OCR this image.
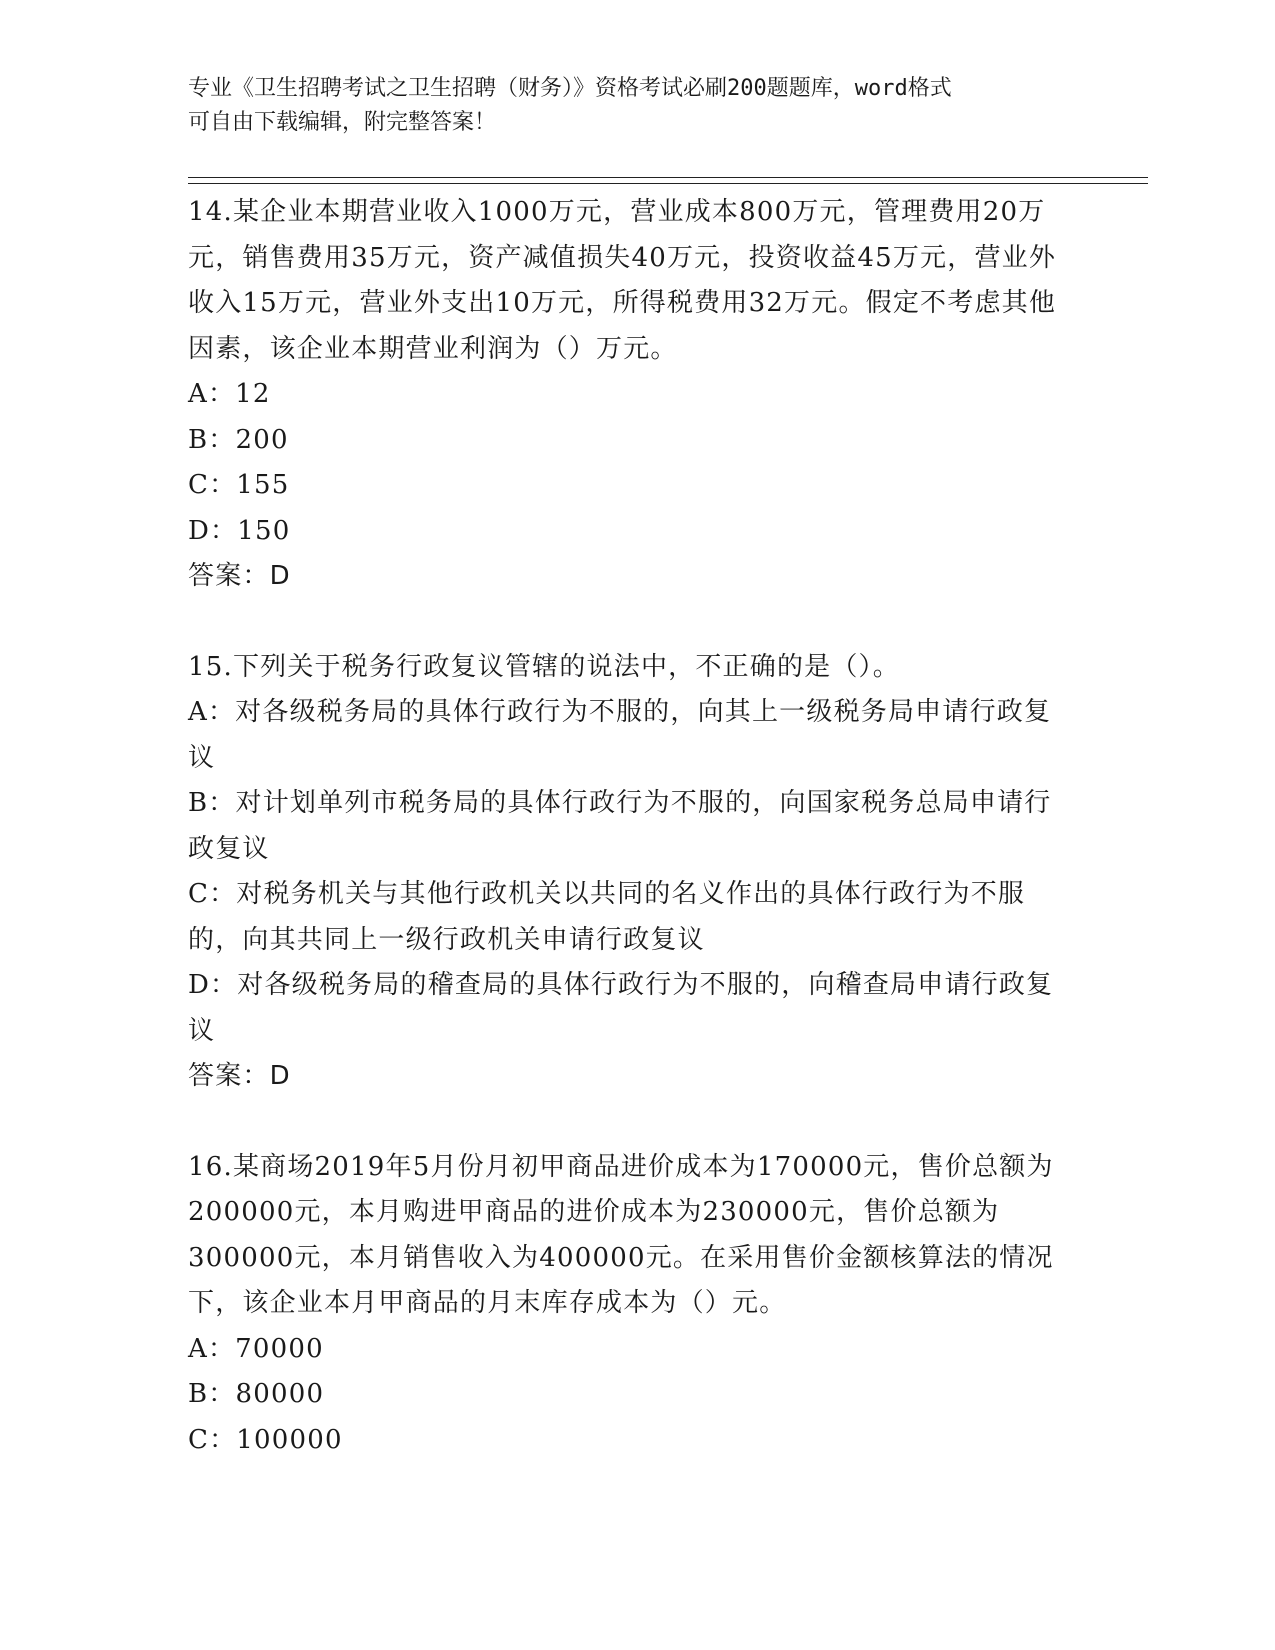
专业《卫生招聘考试之卫生招聘（财务）》资格考试必刷200题题库，word格式
可自由下载编辑，附完整答案！

14.某企业本期营业收入1000万元，营业成本800万元，管理费用20万元，销售费用35万元，资产减值损失40万元，投资收益45万元，营业外收入15万元，营业外支出10万元，所得税费用32万元。假定不考虑其他因素，该企业本期营业利润为（）万元。

A：12

B：200

C：155

D：150

答案：D

15.下列关于税务行政复议管辖的说法中，不正确的是（）。

A：对各级税务局的具体行政行为不服的，向其上一级税务局申请行政复议

B：对计划单列市税务局的具体行政行为不服的，向国家税务总局申请行政复议

C：对税务机关与其他行政机关以共同的名义作出的具体行政行为不服的，向其共同上一级行政机关申请行政复议

D：对各级税务局的稽查局的具体行政行为不服的，向稽查局申请行政复议

答案：D

16.某商场2019年5月份月初甲商品进价成本为170000元，售价总额为200000元，本月购进甲商品的进价成本为230000元，售价总额为300000元，本月销售收入为400000元。在采用售价金额核算法的情况下，该企业本月甲商品的月末库存成本为（）元。

A：70000

B：80000

C：100000
